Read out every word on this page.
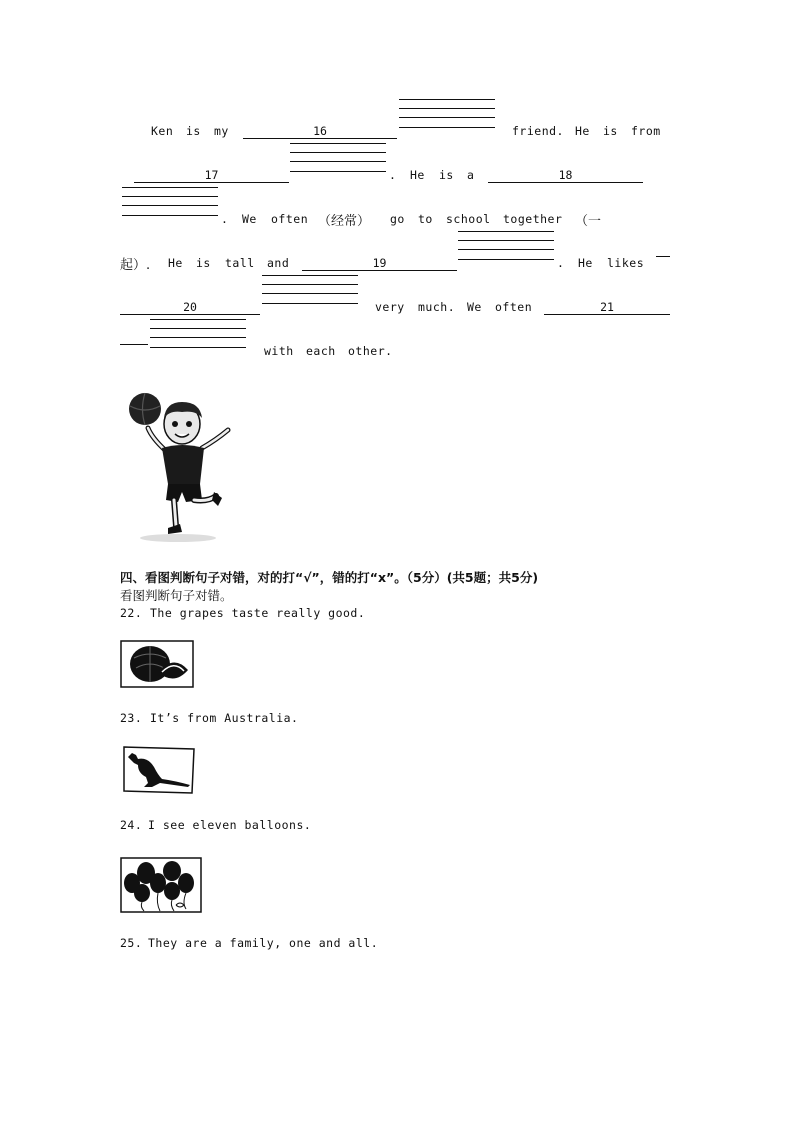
Ken is my	16	friend. He is from
17	. He is a	18
. We often （经常） go to school together （一
起）. He is tall and	19	. He likes
20	very much. We often	21
with each other.
四、看图判断句子对错，对的打“√”，错的打“x”。（5分）(共5题；共5分)
看图判断句子对错。
22. The grapes taste really good.
23. It’s from Australia.
24. I see eleven balloons.
25. They are a family, one and all.
